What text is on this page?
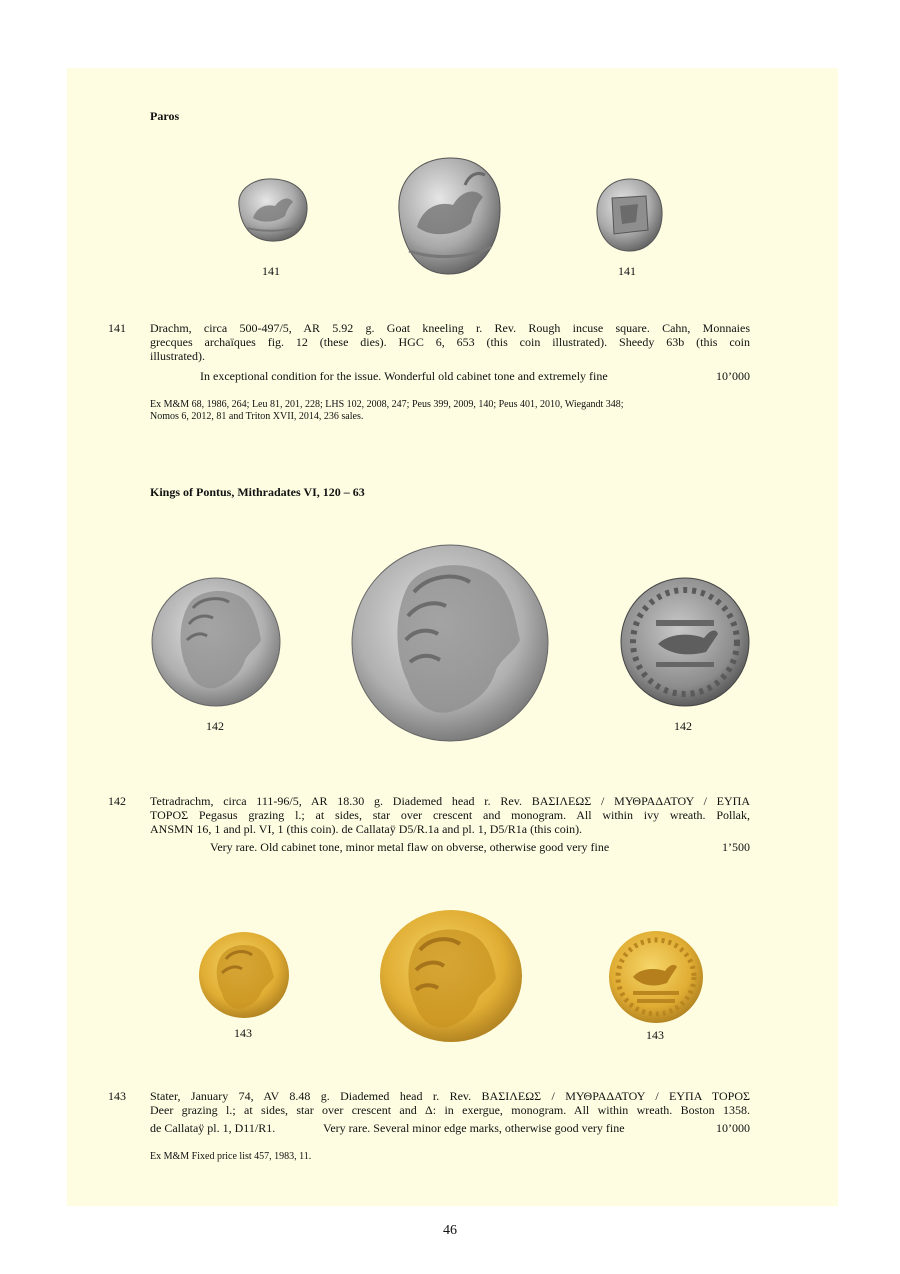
Paros
141	141
141 Drachm, circa 500-497/5, AR 5.92 g. Goat kneeling r. Rev. Rough incuse square. Cahn, Monnaies
grecques archaïques fig. 12 (these dies). HGC 6, 653 (this coin illustrated). Sheedy 63b (this coin
illustrated).
In exceptional condition for the issue. Wonderful old cabinet tone and extremely fine	10’000
Ex M&M 68, 1986, 264; Leu 81, 201, 228; LHS 102, 2008, 247; Peus 399, 2009, 140; Peus 401, 2010, Wiegandt 348;
Nomos 6, 2012, 81 and Triton XVII, 2014, 236 sales.
Kings of Pontus, Mithradates VI, 120 – 63
142	142
142 Tetradrachm, circa 111-96/5, AR 18.30 g. Diademed head r. Rev. ΒΑΣΙΛΕΩΣ / ΜΥΘΡΑΔΑΤΟΥ / ΕΥΠΑ
ΤΟΡΟΣ Pegasus grazing l.; at sides, star over crescent and monogram. All within ivy wreath. Pollak,
ANSMN 16, 1 and pl. VI, 1 (this coin). de Callataÿ D5/R.1a and pl. 1, D5/R1a (this coin).
Very rare. Old cabinet tone, minor metal flaw on obverse, otherwise good very fine	1’500
143	143
143 Stater, January 74, AV 8.48 g. Diademed head r. Rev. ΒΑΣΙΛΕΩΣ / ΜΥΘΡΑΔΑΤΟΥ / ΕΥΠΑ ΤΟΡΟΣ
Deer grazing l.; at sides, star over crescent and Δ: in exergue, monogram. All within wreath. Boston 1358.
de Callataÿ pl. 1, D11/R1.	Very rare. Several minor edge marks, otherwise good very fine	10’000
Ex M&M Fixed price list 457, 1983, 11.
46
